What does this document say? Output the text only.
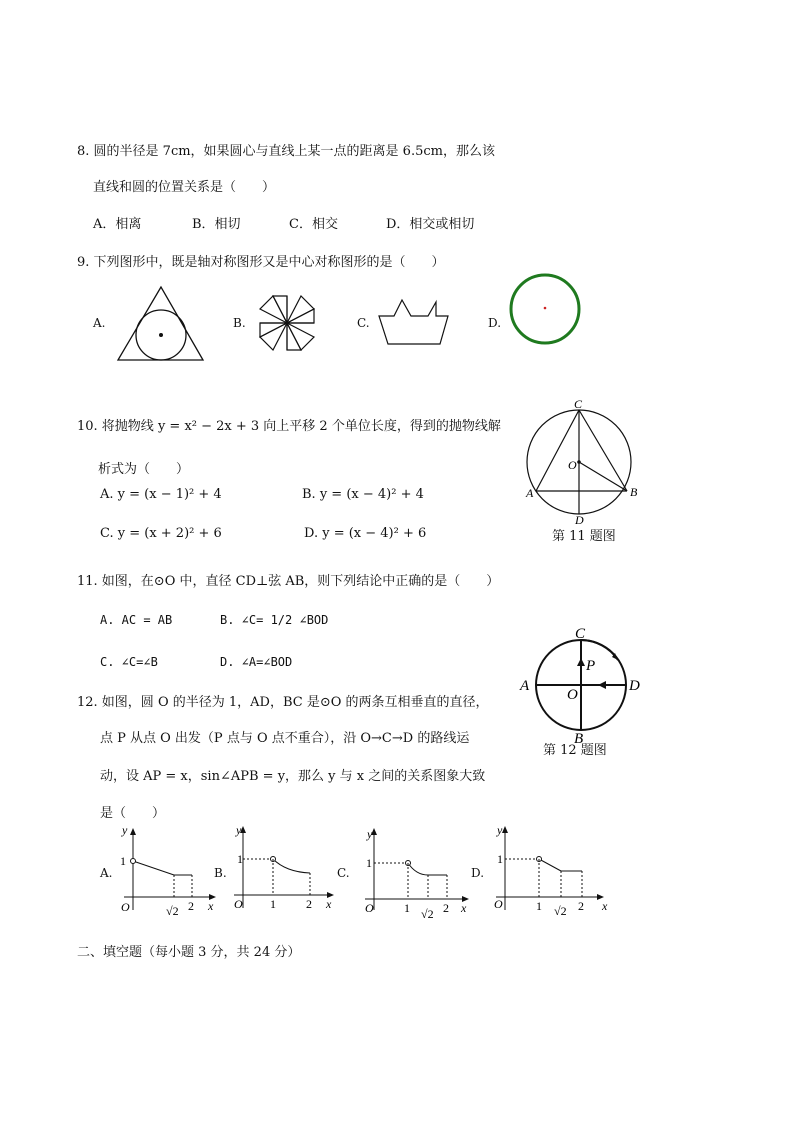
8. 圆的半径是 7cm，如果圆心与直线上某一点的距离是 6.5cm，那么该
直线和圆的位置关系是（　　）
A．相离	B．相切	C．相交	D．相交或相切
9. 下列图形中，既是轴对称图形又是中心对称图形的是（　　）
A.	B.	C.	D.
10. 将抛物线 y = x² − 2x + 3 向上平移 2 个单位长度，得到的抛物线解
析式为（　　）
A. y = (x − 1)² + 4	B. y = (x − 4)² + 4
C. y = (x + 2)² + 6	D. y = (x − 4)² + 6
C
O
A	B
D
第 11 题图
11. 如图，在⊙O 中，直径 CD⊥弦 AB，则下列结论中正确的是（　　）
A. AC = AB	B. ∠C= 1/2 ∠BOD
C. ∠C=∠B	D. ∠A=∠BOD
C
P
A
O
D
B
第 12 题图
12. 如图，圆 O 的半径为 1，AD，BC 是⊙O 的两条互相垂直的直径，
点 P 从点 O 出发（P 点与 O 点不重合），沿 O→C→D 的路线运
动，设 AP = x，sin∠APB = y，那么 y 与 x 之间的关系图象大致
是（　　）
A.	B.	C.	D.
y
1
O	√2 2 x
y
1
O 1	2 x
y
1
O	1 √2 2 x
y
1
O	1 √2 2 x
二、填空题（每小题 3 分，共 24 分）
